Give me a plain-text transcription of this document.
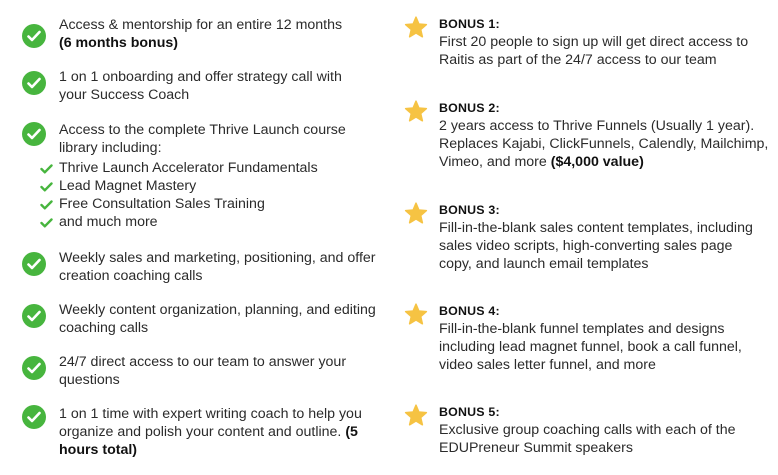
Access & mentorship for an entire 12 months
(6 months bonus)
1 on 1 onboarding and offer strategy call with your Success Coach
Access to the complete Thrive Launch course library including:
Thrive Launch Accelerator Fundamentals
Lead Magnet Mastery
Free Consultation Sales Training
and much more
Weekly sales and marketing, positioning, and offer creation coaching calls
Weekly content organization, planning, and editing coaching calls
24/7 direct access to our team to answer your questions
1 on 1 time with expert writing coach to help you organize and polish your content and outline. (5 hours total)
BONUS 1:
First 20 people to sign up will get direct access to Raitis as part of the 24/7 access to our team
BONUS 2:
2 years access to Thrive Funnels (Usually 1 year). Replaces Kajabi, ClickFunnels, Calendly, Mailchimp, Vimeo, and more ($4,000 value)
BONUS 3:
Fill-in-the-blank sales content templates, including sales video scripts, high-converting sales page copy, and launch email templates
BONUS 4:
Fill-in-the-blank funnel templates and designs including lead magnet funnel, book a call funnel, video sales letter funnel, and more
BONUS 5:
Exclusive group coaching calls with each of the EDUPreneur Summit speakers
